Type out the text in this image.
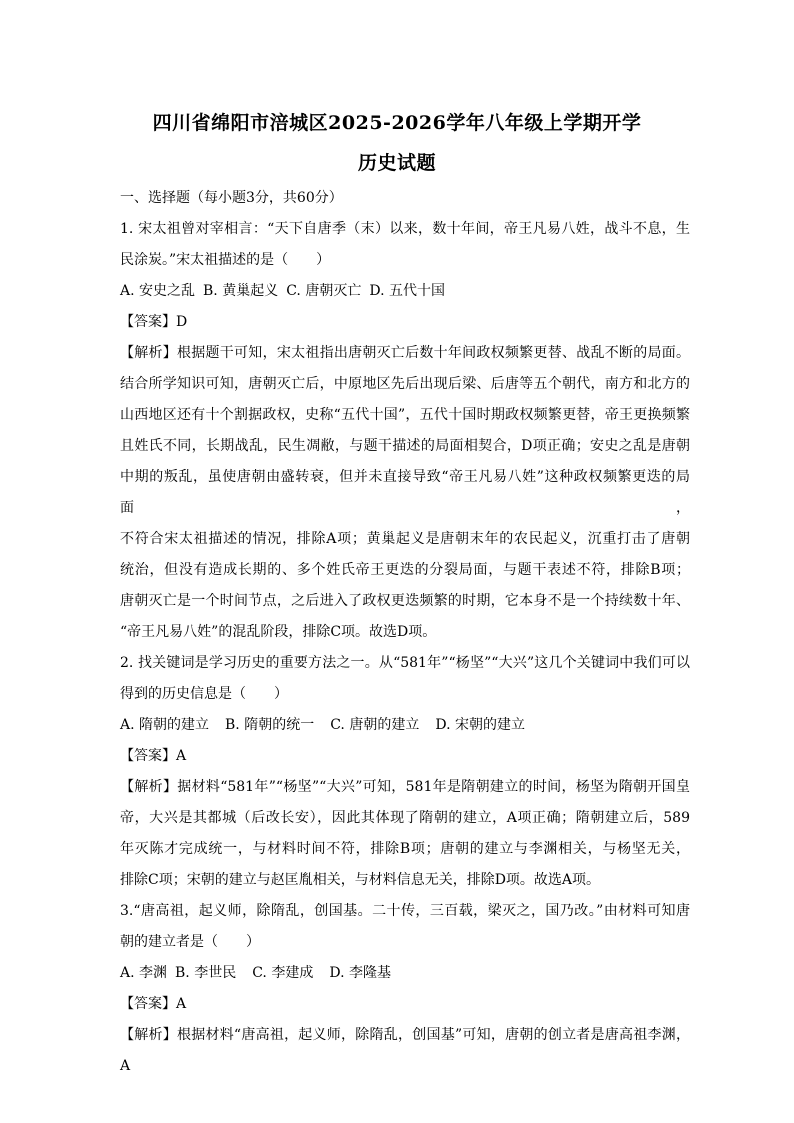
四川省绵阳市涪城区2025-2026学年八年级上学期开学
历史试题

一、选择题（每小题3分，共60分）

1. 宋太祖曾对宰相言：“天下自唐季（末）以来，数十年间，帝王凡易八姓，战斗不息，生

民涂炭。”宋太祖描述的是（　　）

A. 安史之乱 B. 黄巢起义 C. 唐朝灭亡 D. 五代十国

【答案】D

【解析】根据题干可知，宋太祖指出唐朝灭亡后数十年间政权频繁更替、战乱不断的局面。

结合所学知识可知，唐朝灭亡后，中原地区先后出现后梁、后唐等五个朝代，南方和北方的

山西地区还有十个割据政权，史称“五代十国”，五代十国时期政权频繁更替，帝王更换频繁

且姓氏不同，长期战乱，民生凋敝，与题干描述的局面相契合，D项正确；安史之乱是唐朝

中期的叛乱，虽使唐朝由盛转衰，但并未直接导致“帝王凡易八姓”这种政权频繁更迭的局面，

不符合宋太祖描述的情况，排除A项；黄巢起义是唐朝末年的农民起义，沉重打击了唐朝

统治，但没有造成长期的、多个姓氏帝王更迭的分裂局面，与题干表述不符，排除B项；

唐朝灭亡是一个时间节点，之后进入了政权更迭频繁的时期，它本身不是一个持续数十年、

“帝王凡易八姓”的混乱阶段，排除C项。故选D项。

2. 找关键词是学习历史的重要方法之一。从“581年”“杨坚”“大兴”这几个关键词中我们可以

得到的历史信息是（　　）

A. 隋朝的建立 B. 隋朝的统一 C. 唐朝的建立 D. 宋朝的建立

【答案】A

【解析】据材料“581年”“杨坚”“大兴”可知，581年是隋朝建立的时间，杨坚为隋朝开国皇

帝，大兴是其都城（后改长安），因此其体现了隋朝的建立，A项正确；隋朝建立后，589

年灭陈才完成统一，与材料时间不符，排除B项；唐朝的建立与李渊相关，与杨坚无关，

排除C项；宋朝的建立与赵匡胤相关，与材料信息无关，排除D项。故选A项。

3.“唐高祖，起义师，除隋乱，创国基。二十传，三百载，梁灭之，国乃改。”由材料可知唐

朝的建立者是（　　）

A. 李渊 B. 李世民 C. 李建成 D. 李隆基

【答案】A

【解析】根据材料“唐高祖，起义师，除隋乱，创国基”可知，唐朝的创立者是唐高祖李渊，A
